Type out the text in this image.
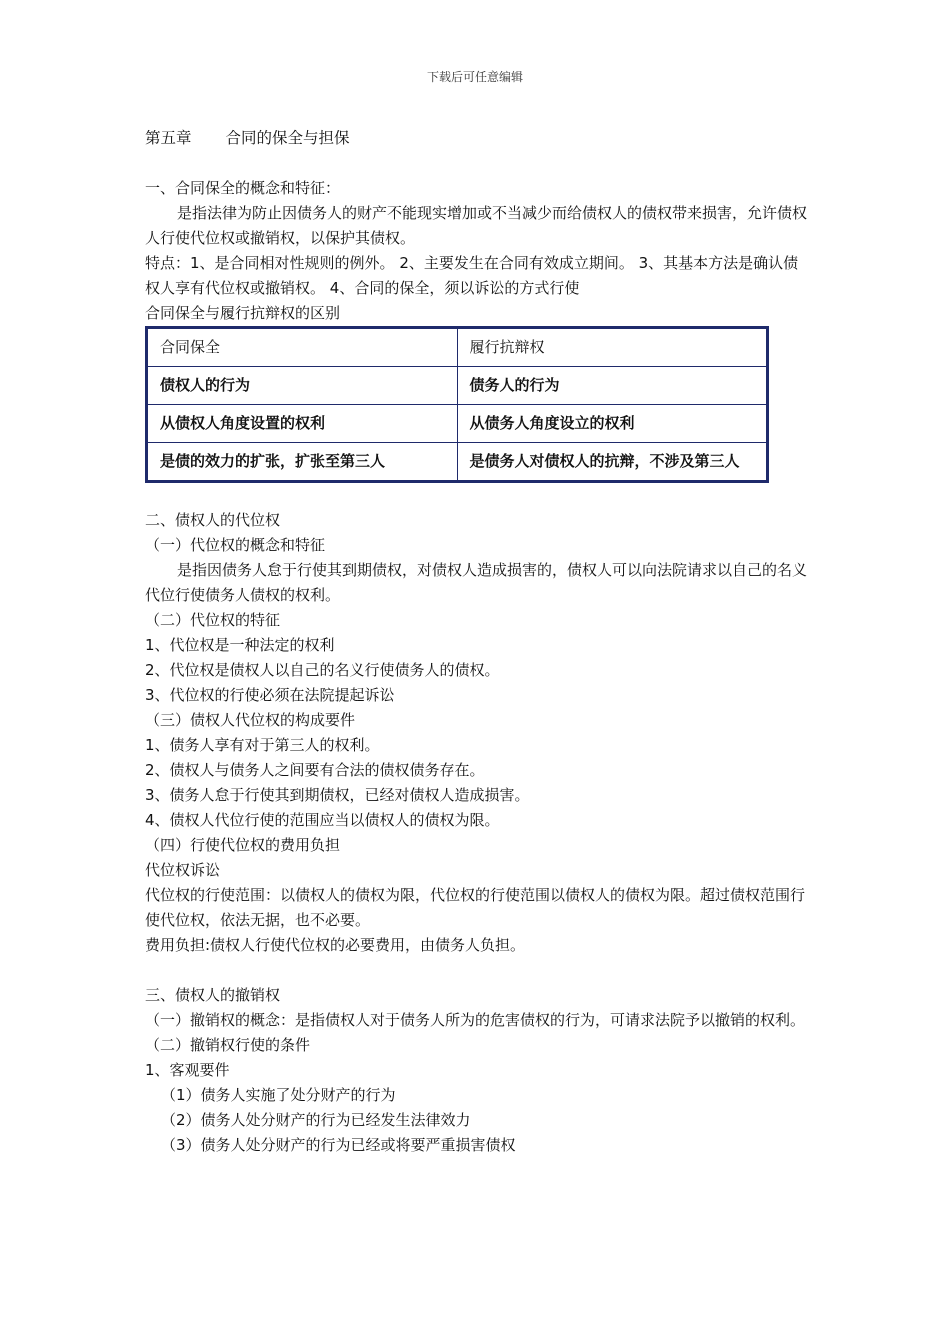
下载后可任意编辑

第五章 合同的保全与担保

一、合同保全的概念和特征：

是指法律为防止因债务人的财产不能现实增加或不当减少而给债权人的债权带来损害，允许债权人行使代位权或撤销权，以保护其债权。

特点：1、是合同相对性规则的例外。 2、主要发生在合同有效成立期间。 3、其基本方法是确认债权人享有代位权或撤销权。 4、合同的保全，须以诉讼的方式行使

合同保全与履行抗辩权的区别

合同保全	履行抗辩权
债权人的行为	债务人的行为
从债权人角度设置的权利	从债务人角度设立的权利
是债的效力的扩张，扩张至第三人	是债务人对债权人的抗辩，不涉及第三人

二、债权人的代位权

（一）代位权的概念和特征

是指因债务人怠于行使其到期债权，对债权人造成损害的，债权人可以向法院请求以自己的名义代位行使债务人债权的权利。

（二）代位权的特征

1、代位权是一种法定的权利

2、代位权是债权人以自己的名义行使债务人的债权。

3、代位权的行使必须在法院提起诉讼

（三）债权人代位权的构成要件

1、债务人享有对于第三人的权利。

2、债权人与债务人之间要有合法的债权债务存在。

3、债务人怠于行使其到期债权，已经对债权人造成损害。

4、债权人代位行使的范围应当以债权人的债权为限。

（四）行使代位权的费用负担

代位权诉讼

代位权的行使范围：以债权人的债权为限，代位权的行使范围以债权人的债权为限。超过债权范围行使代位权，依法无据，也不必要。

费用负担:债权人行使代位权的必要费用，由债务人负担。

三、债权人的撤销权

（一）撤销权的概念：是指债权人对于债务人所为的危害债权的行为，可请求法院予以撤销的权利。

（二）撤销权行使的条件

1、客观要件

（1）债务人实施了处分财产的行为

（2）债务人处分财产的行为已经发生法律效力

（3）债务人处分财产的行为已经或将要严重损害债权
